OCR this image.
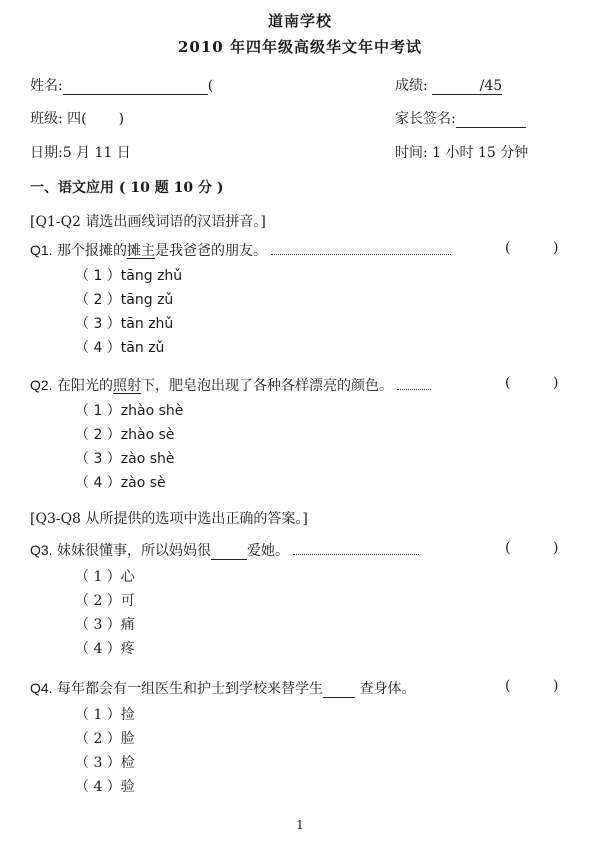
道南学校
2010 年四年级高级华文年中考试
姓名:	(	成绩:	/45
班级: 四( )	家长签名:
日期:5 月 11 日	时间: 1 小时 15 分钟
一、语文应用 ( 10 题 10 分 )
[Q1-Q2 请选出画线词语的汉语拼音。]
Q1. 那个报摊的摊主是我爸爸的朋友。	(	)
（ 1 ）tāng zhǔ
（ 2 ）tāng zǔ
（ 3 ）tān zhǔ
（ 4 ）tān zǔ
Q2. 在阳光的照射下，肥皂泡出现了各种各样漂亮的颜色。	(	)
（ 1 ）zhào shè
（ 2 ）zhào sè
（ 3 ）zào shè
（ 4 ）zào sè
[Q3-Q8 从所提供的选项中选出正确的答案。]
Q3. 妹妹很懂事，所以妈妈很	爱她。	(	)
（ 1 ）心
（ 2 ）可
（ 3 ）痛
（ 4 ）疼
Q4. 每年都会有一组医生和护士到学校来替学生	查身体。	(	)
（ 1 ）捡
（ 2 ）脸
（ 3 ）检
（ 4 ）验
1
